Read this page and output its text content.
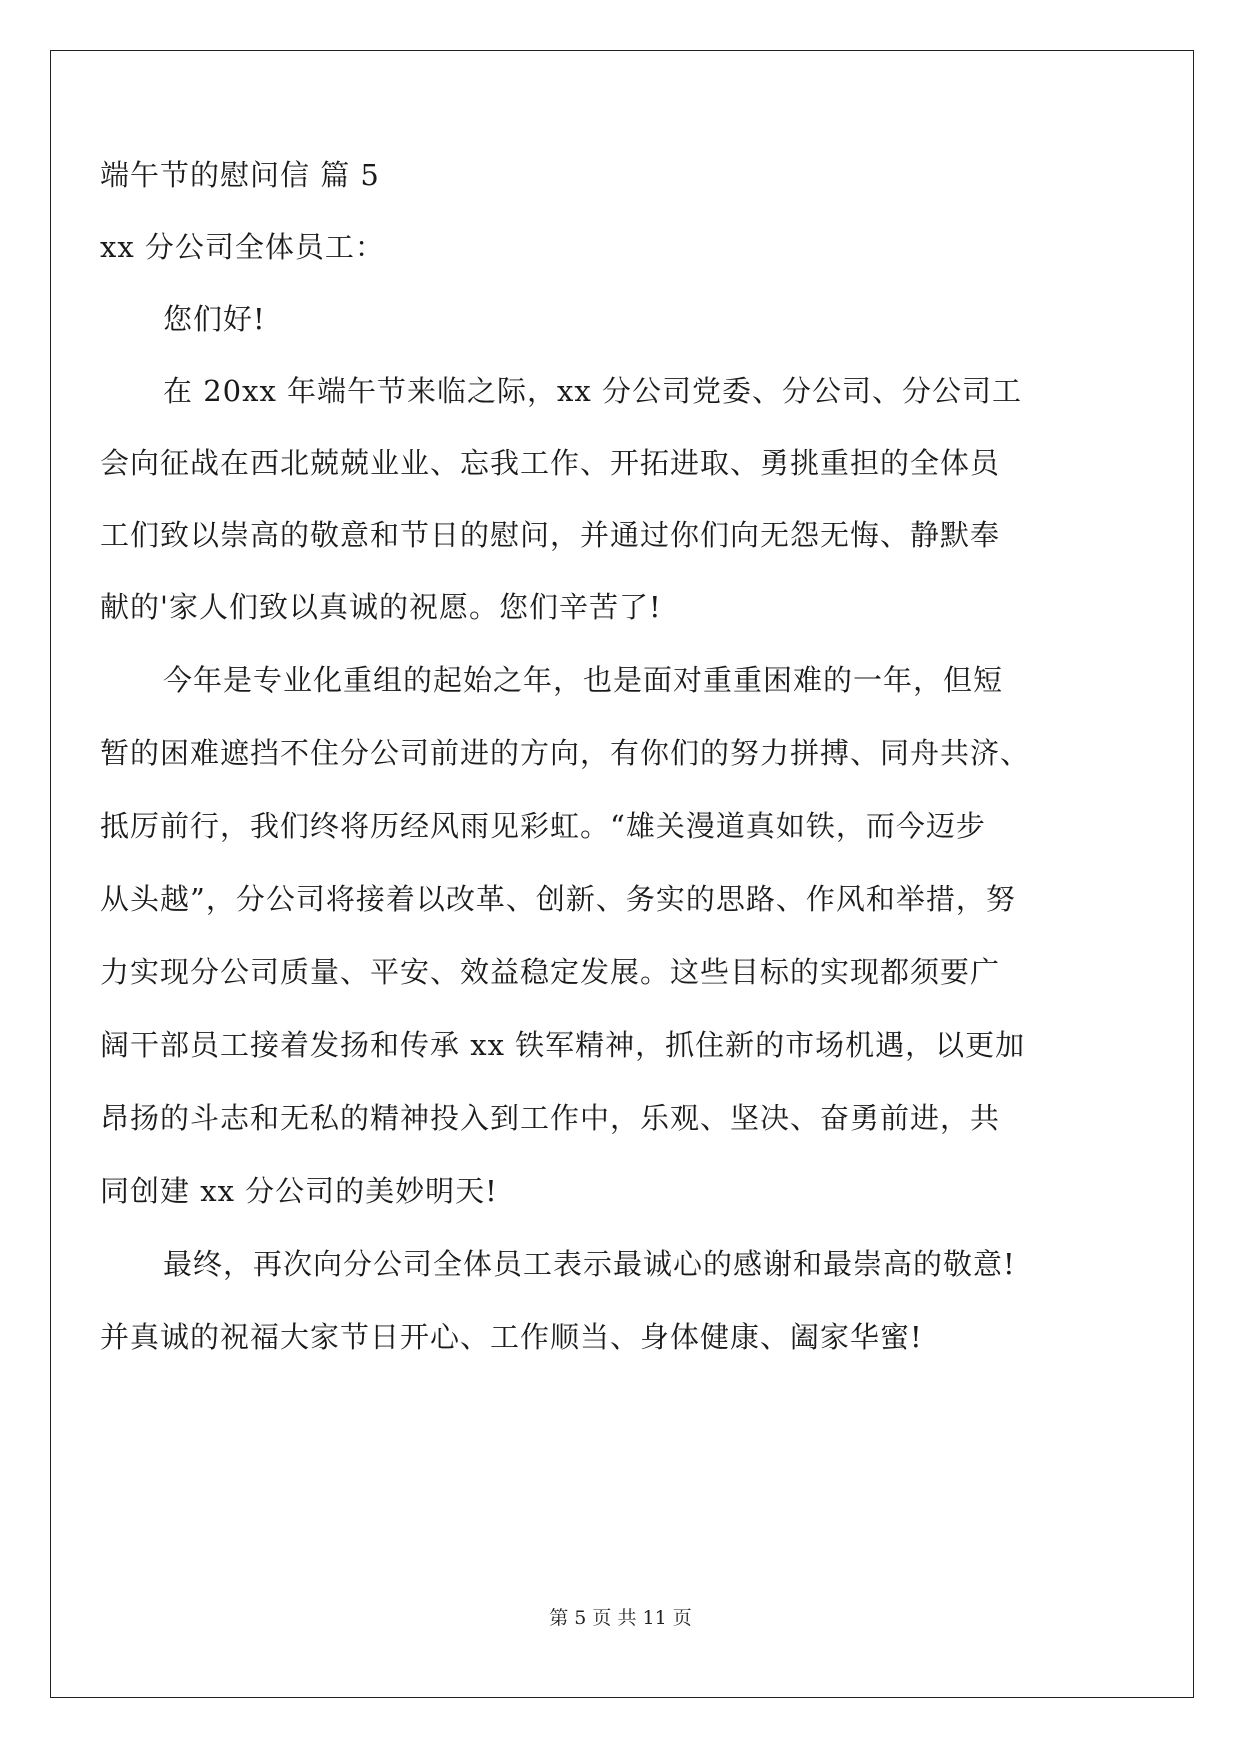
端午节的慰问信 篇 5
xx 分公司全体员工：
您们好!
在 20xx 年端午节来临之际，xx 分公司党委、分公司、分公司工
会向征战在西北兢兢业业、忘我工作、开拓进取、勇挑重担的全体员
工们致以崇高的敬意和节日的慰问，并通过你们向无怨无悔、静默奉
献的'家人们致以真诚的祝愿。您们辛苦了!
今年是专业化重组的起始之年，也是面对重重困难的一年，但短
暂的困难遮挡不住分公司前进的方向，有你们的努力拼搏、同舟共济、
抵厉前行，我们终将历经风雨见彩虹。“雄关漫道真如铁，而今迈步
从头越”，分公司将接着以改革、创新、务实的思路、作风和举措，努
力实现分公司质量、平安、效益稳定发展。这些目标的实现都须要广
阔干部员工接着发扬和传承 xx 铁军精神，抓住新的市场机遇，以更加
昂扬的斗志和无私的精神投入到工作中，乐观、坚决、奋勇前进，共
同创建 xx 分公司的美妙明天!
最终，再次向分公司全体员工表示最诚心的感谢和最崇高的敬意!
并真诚的祝福大家节日开心、工作顺当、身体健康、阖家华蜜!
第 5 页 共 11 页
